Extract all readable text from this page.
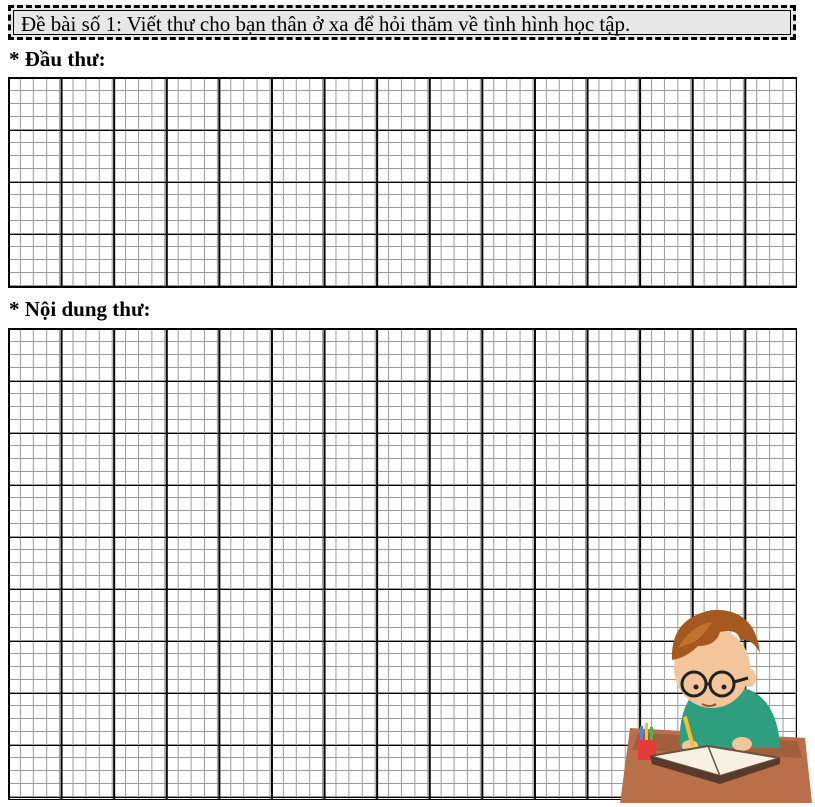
Đề bài số 1: Viết thư cho bạn thân ở xa để hỏi thăm về tình hình học tập.
* Đầu thư:
* Nội dung thư:
